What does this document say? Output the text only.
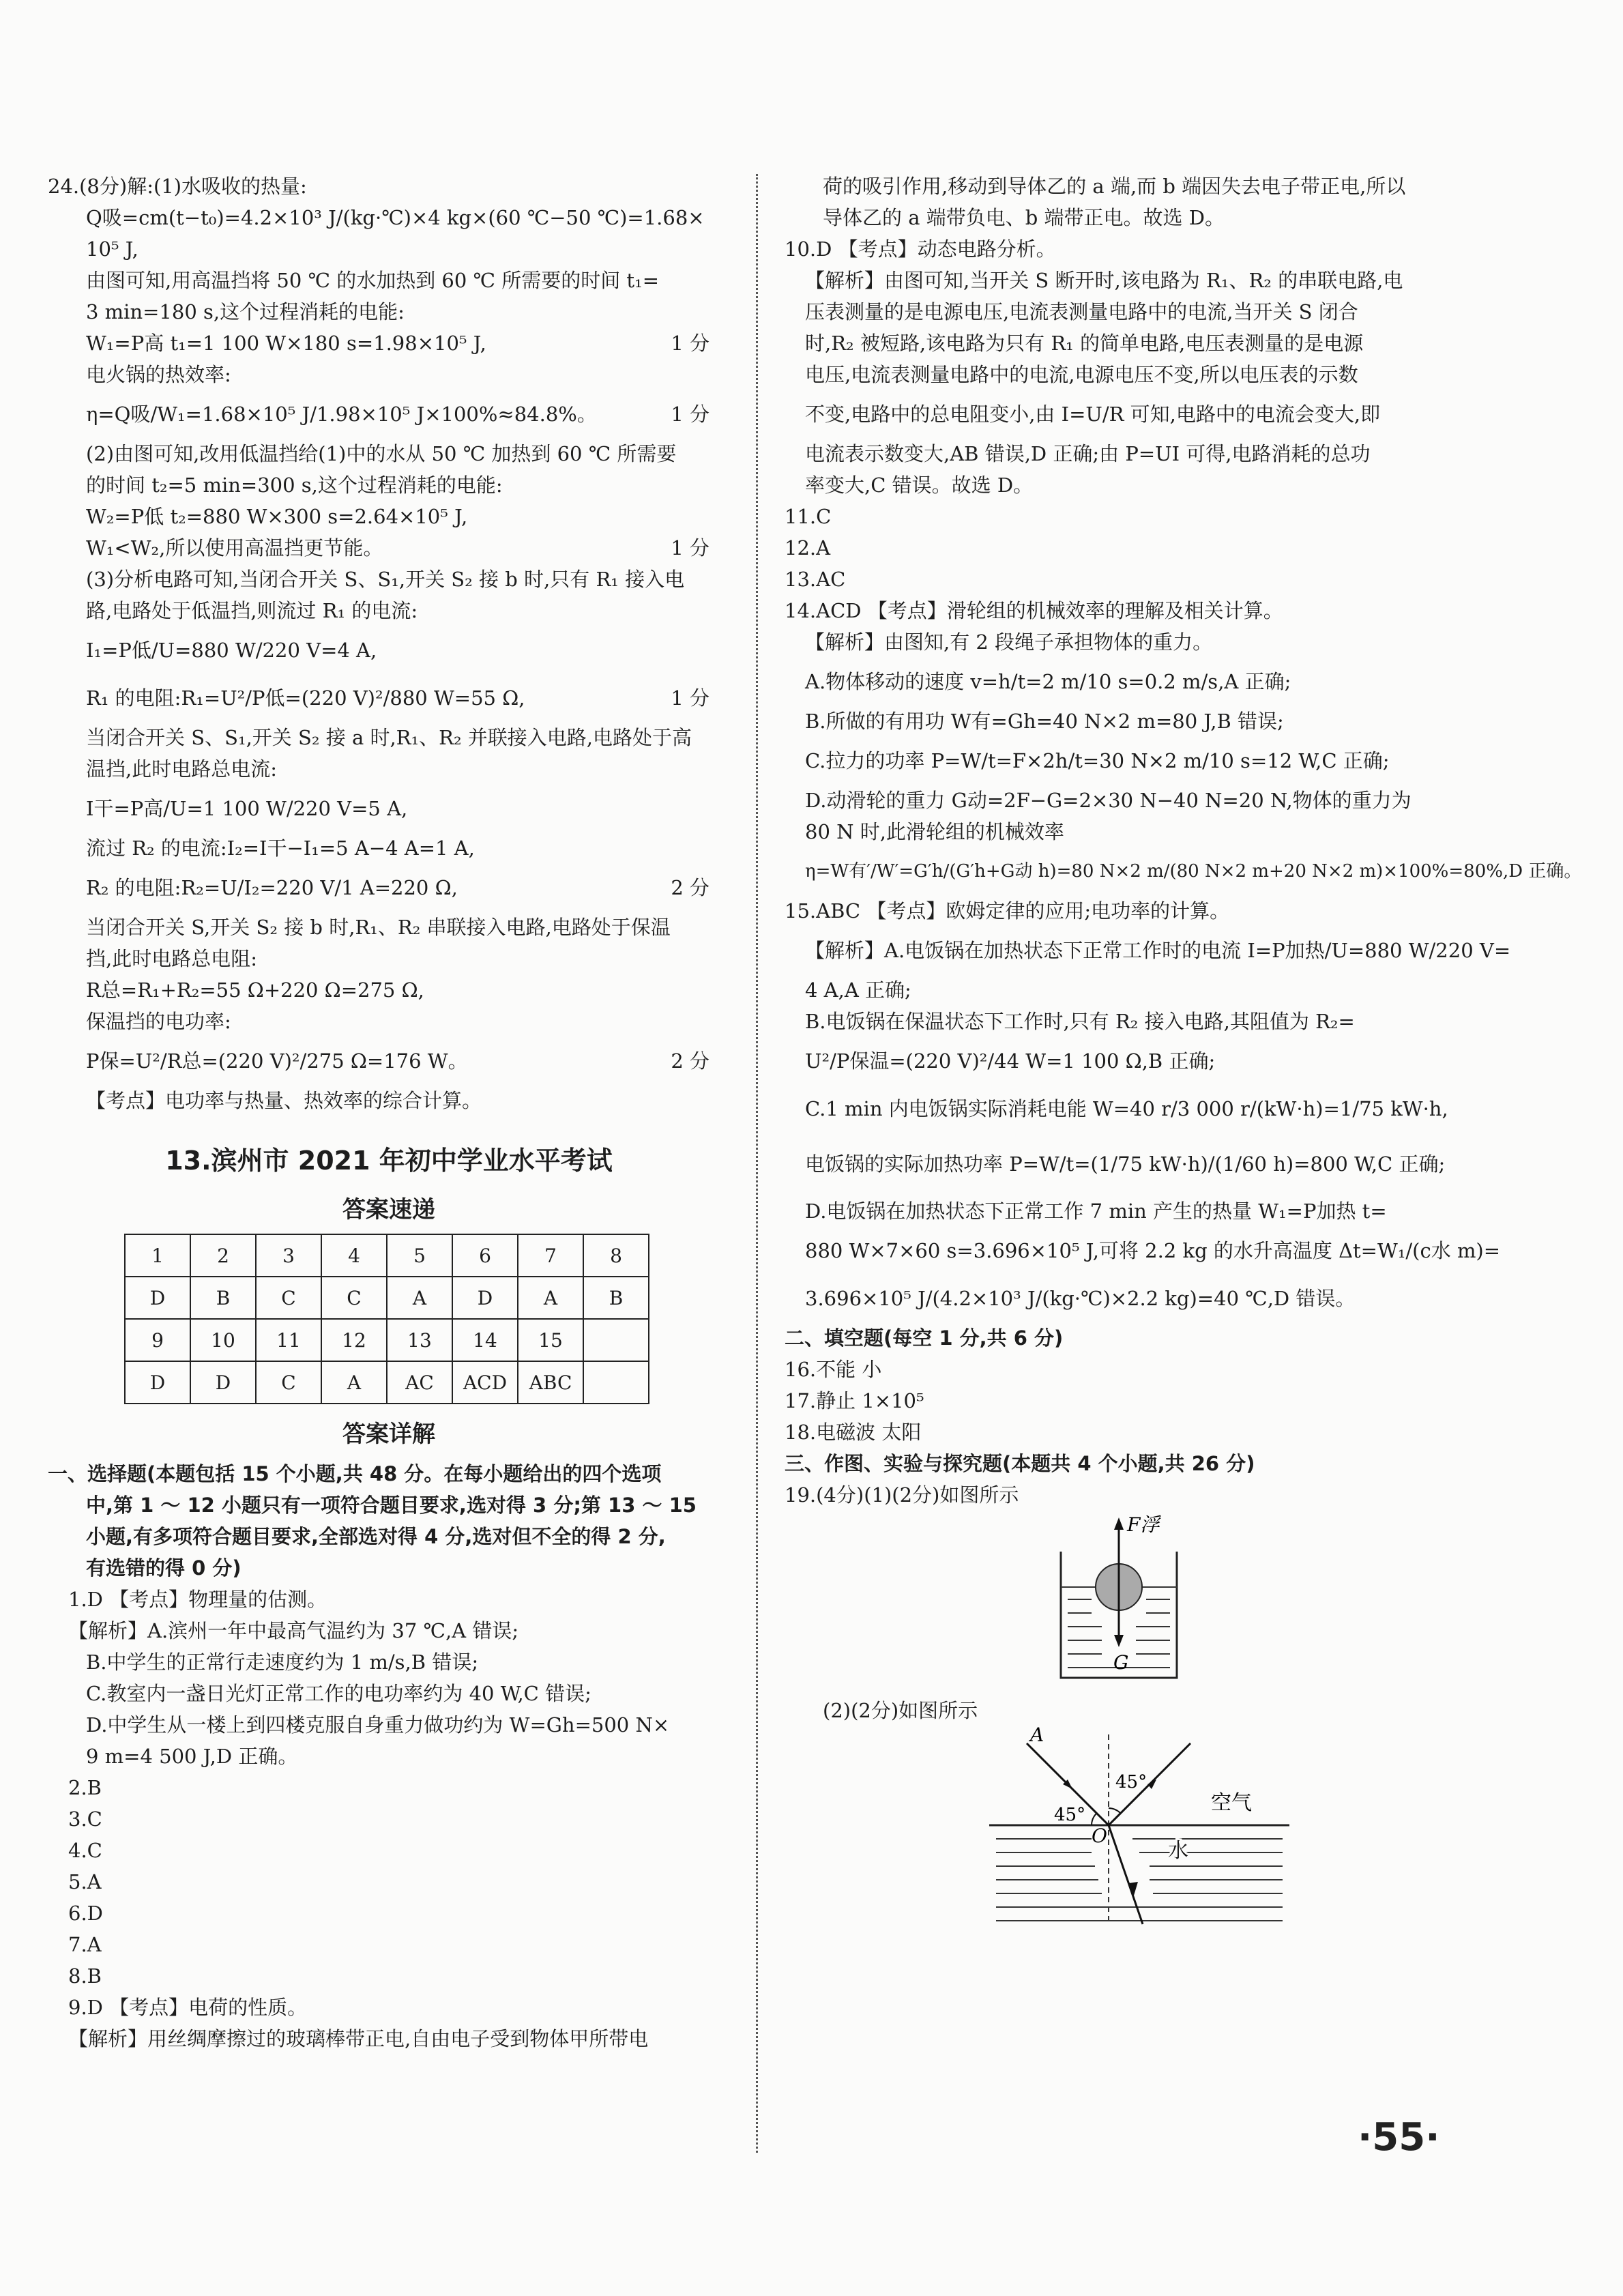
24.(8分)解:(1)水吸收的热量:
Q吸=cm(t−t₀)=4.2×10³ J/(kg·℃)×4 kg×(60 ℃−50 ℃)=1.68×
10⁵ J,
由图可知,用高温挡将 50 ℃ 的水加热到 60 ℃ 所需要的时间 t₁=
3 min=180 s,这个过程消耗的电能:
W₁=P高 t₁=1 100 W×180 s=1.98×10⁵ J,	1 分
电火锅的热效率:
η=Q吸/W₁=1.68×10⁵ J/1.98×10⁵ J×100%≈84.8%。	1 分
(2)由图可知,改用低温挡给(1)中的水从 50 ℃ 加热到 60 ℃ 所需要
的时间 t₂=5 min=300 s,这个过程消耗的电能:
W₂=P低 t₂=880 W×300 s=2.64×10⁵ J,
W₁<W₂,所以使用高温挡更节能。	1 分
(3)分析电路可知,当闭合开关 S、S₁,开关 S₂ 接 b 时,只有 R₁ 接入电
路,电路处于低温挡,则流过 R₁ 的电流:
I₁=P低/U=880 W/220 V=4 A,
R₁ 的电阻:R₁=U²/P低=(220 V)²/880 W=55 Ω,	1 分
当闭合开关 S、S₁,开关 S₂ 接 a 时,R₁、R₂ 并联接入电路,电路处于高
温挡,此时电路总电流:
I干=P高/U=1 100 W/220 V=5 A,
流过 R₂ 的电流:I₂=I干−I₁=5 A−4 A=1 A,
R₂ 的电阻:R₂=U/I₂=220 V/1 A=220 Ω,	2 分
当闭合开关 S,开关 S₂ 接 b 时,R₁、R₂ 串联接入电路,电路处于保温
挡,此时电路总电阻:
R总=R₁+R₂=55 Ω+220 Ω=275 Ω,
保温挡的电功率:
P保=U²/R总=(220 V)²/275 Ω=176 W。	2 分
【考点】电功率与热量、热效率的综合计算。
13.滨州市 2021 年初中学业水平考试
答案速递
1	2	3	4	5	6	7	8
D	B	C	C	A	D	A	B
9	10	11	12	13	14	15	
D	D	C	A	AC	ACD	ABC	
答案详解
一、选择题(本题包括 15 个小题,共 48 分。在每小题给出的四个选项
中,第 1 ～ 12 小题只有一项符合题目要求,选对得 3 分;第 13 ～ 15
小题,有多项符合题目要求,全部选对得 4 分,选对但不全的得 2 分,
有选错的得 0 分)
1.D 【考点】物理量的估测。
【解析】A.滨州一年中最高气温约为 37 ℃,A 错误;
B.中学生的正常行走速度约为 1 m/s,B 错误;
C.教室内一盏日光灯正常工作的电功率约为 40 W,C 错误;
D.中学生从一楼上到四楼克服自身重力做功约为 W=Gh=500 N×
9 m=4 500 J,D 正确。
2.B
3.C
4.C
5.A
6.D
7.A
8.B
9.D 【考点】电荷的性质。
【解析】用丝绸摩擦过的玻璃棒带正电,自由电子受到物体甲所带电
荷的吸引作用,移动到导体乙的 a 端,而 b 端因失去电子带正电,所以
导体乙的 a 端带负电、b 端带正电。故选 D。
10.D 【考点】动态电路分析。
【解析】由图可知,当开关 S 断开时,该电路为 R₁、R₂ 的串联电路,电
压表测量的是电源电压,电流表测量电路中的电流,当开关 S 闭合
时,R₂ 被短路,该电路为只有 R₁ 的简单电路,电压表测量的是电源
电压,电流表测量电路中的电流,电源电压不变,所以电压表的示数
不变,电路中的总电阻变小,由 I=U/R 可知,电路中的电流会变大,即
电流表示数变大,AB 错误,D 正确;由 P=UI 可得,电路消耗的总功
率变大,C 错误。故选 D。
11.C
12.A
13.AC
14.ACD 【考点】滑轮组的机械效率的理解及相关计算。
【解析】由图知,有 2 段绳子承担物体的重力。
A.物体移动的速度 v=h/t=2 m/10 s=0.2 m/s,A 正确;
B.所做的有用功 W有=Gh=40 N×2 m=80 J,B 错误;
C.拉力的功率 P=W/t=F×2h/t=30 N×2 m/10 s=12 W,C 正确;
D.动滑轮的重力 G动=2F−G=2×30 N−40 N=20 N,物体的重力为
80 N 时,此滑轮组的机械效率
η=W有′/W′=G′h/(G′h+G动 h)=80 N×2 m/(80 N×2 m+20 N×2 m)×100%=80%,D 正确。
15.ABC 【考点】欧姆定律的应用;电功率的计算。
【解析】A.电饭锅在加热状态下正常工作时的电流 I=P加热/U=880 W/220 V=
4 A,A 正确;
B.电饭锅在保温状态下工作时,只有 R₂ 接入电路,其阻值为 R₂=
U²/P保温=(220 V)²/44 W=1 100 Ω,B 正确;
C.1 min 内电饭锅实际消耗电能 W=40 r/3 000 r/(kW·h)=1/75 kW·h,
电饭锅的实际加热功率 P=W/t=(1/75 kW·h)/(1/60 h)=800 W,C 正确;
D.电饭锅在加热状态下正常工作 7 min 产生的热量 W₁=P加热 t=
880 W×7×60 s=3.696×10⁵ J,可将 2.2 kg 的水升高温度 Δt=W₁/(c水 m)=
3.696×10⁵ J/(4.2×10³ J/(kg·℃)×2.2 kg)=40 ℃,D 错误。
二、填空题(每空 1 分,共 6 分)
16.不能 小
17.静止 1×10⁵
18.电磁波 太阳
三、作图、实验与探究题(本题共 4 个小题,共 26 分)
19.(4分)(1)(2分)如图所示
F浮
G
(2)(2分)如图所示
A
45°
45°
O
空气
水
·55·
